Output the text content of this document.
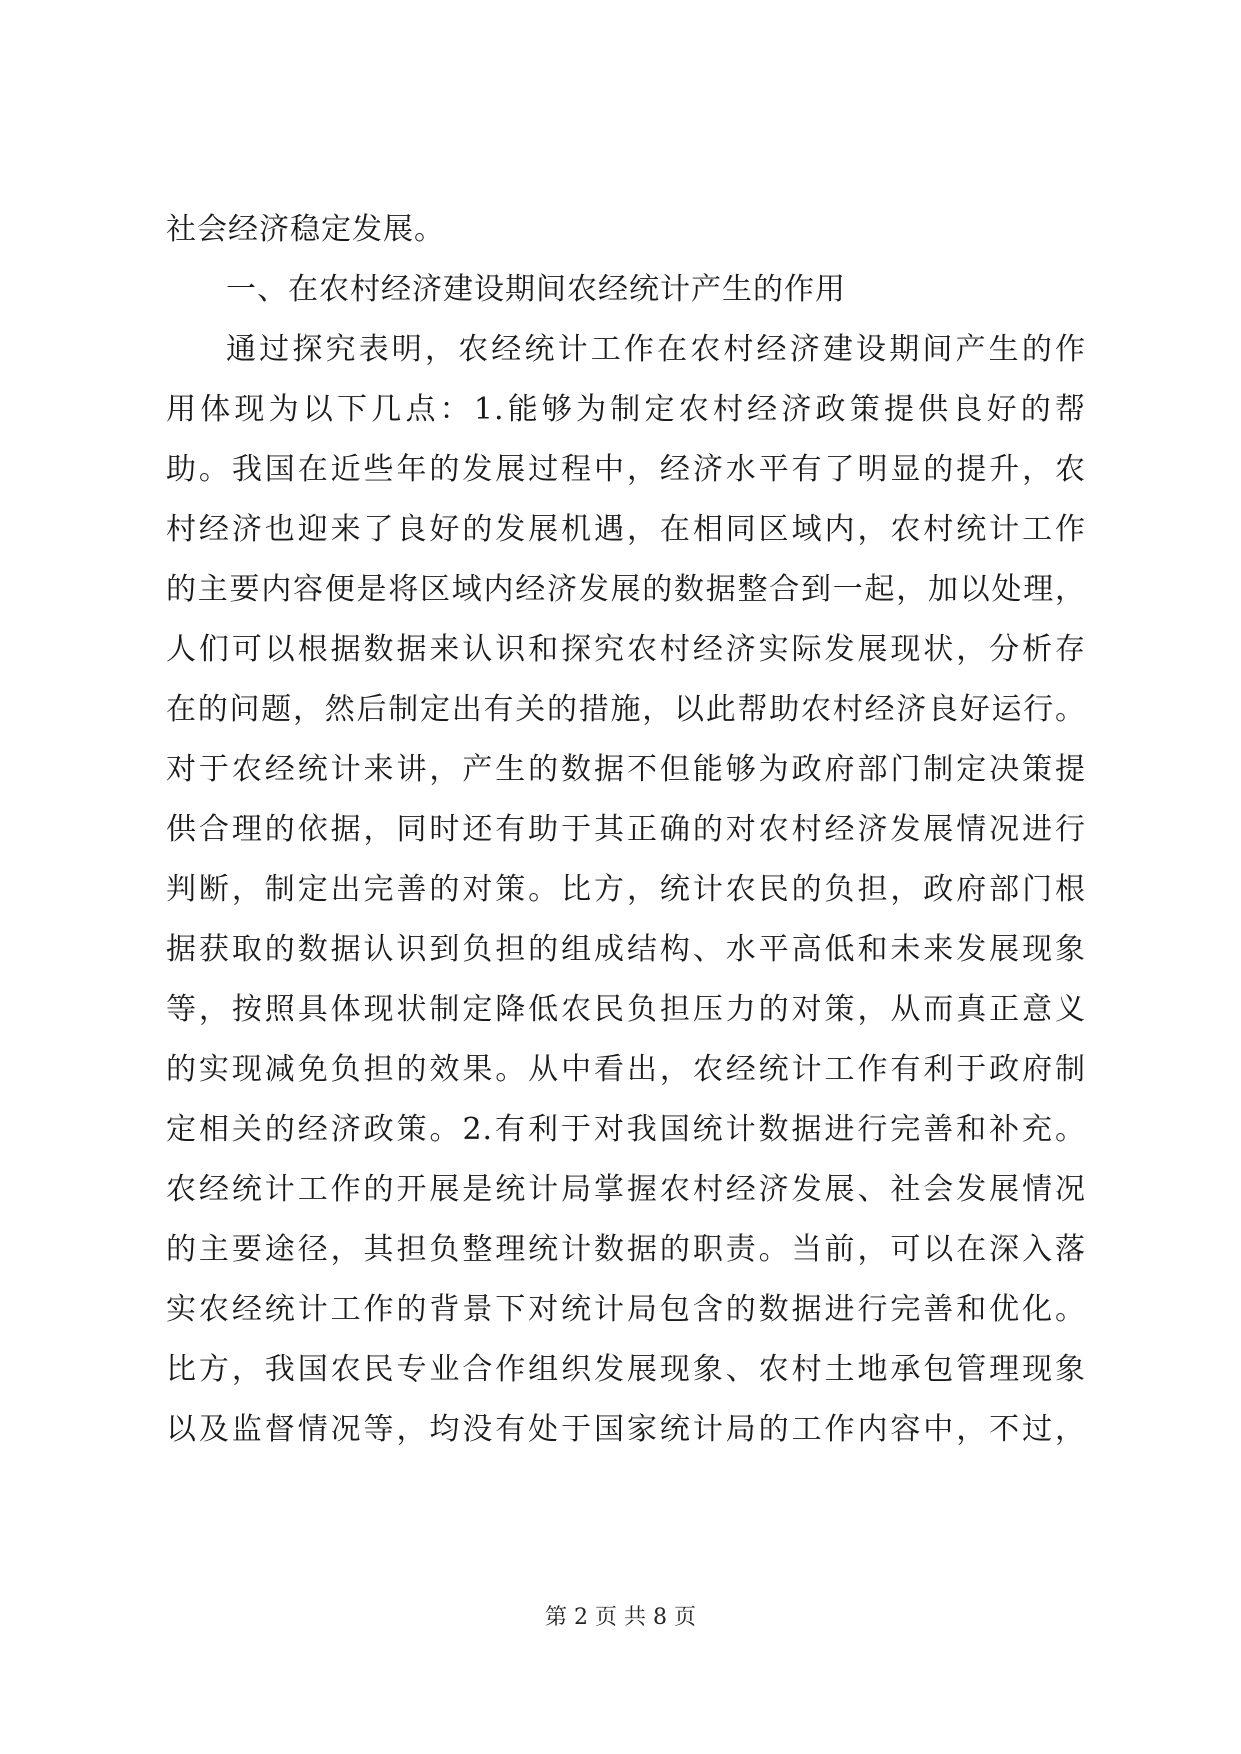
社会经济稳定发展。
一、在农村经济建设期间农经统计产生的作用
通过探究表明，农经统计工作在农村经济建设期间产生的作
用体现为以下几点：1.能够为制定农村经济政策提供良好的帮
助。我国在近些年的发展过程中，经济水平有了明显的提升，农
村经济也迎来了良好的发展机遇，在相同区域内，农村统计工作
的主要内容便是将区域内经济发展的数据整合到一起，加以处理，
人们可以根据数据来认识和探究农村经济实际发展现状，分析存
在的问题，然后制定出有关的措施，以此帮助农村经济良好运行。
对于农经统计来讲，产生的数据不但能够为政府部门制定决策提
供合理的依据，同时还有助于其正确的对农村经济发展情况进行
判断，制定出完善的对策。比方，统计农民的负担，政府部门根
据获取的数据认识到负担的组成结构、水平高低和未来发展现象
等，按照具体现状制定降低农民负担压力的对策，从而真正意义
的实现减免负担的效果。从中看出，农经统计工作有利于政府制
定相关的经济政策。2.有利于对我国统计数据进行完善和补充。
农经统计工作的开展是统计局掌握农村经济发展、社会发展情况
的主要途径，其担负整理统计数据的职责。当前，可以在深入落
实农经统计工作的背景下对统计局包含的数据进行完善和优化。
比方，我国农民专业合作组织发展现象、农村土地承包管理现象
以及监督情况等，均没有处于国家统计局的工作内容中，不过，
第 2 页 共 8 页
